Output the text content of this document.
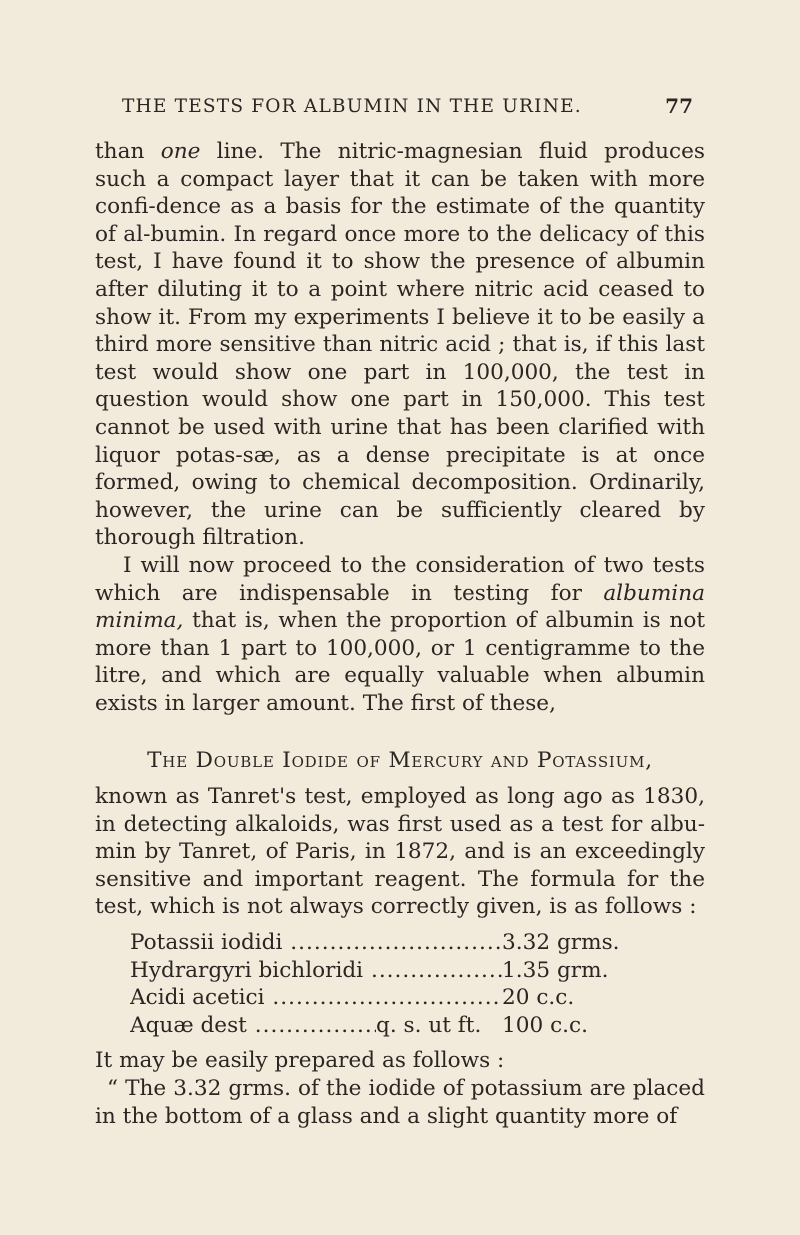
THE TESTS FOR ALBUMIN IN THE URINE.	77

than one line. The nitric-magnesian fluid produces such a compact layer that it can be taken with more confi-dence as a basis for the estimate of the quantity of al-bumin. In regard once more to the delicacy of this test, I have found it to show the presence of albumin after diluting it to a point where nitric acid ceased to show it. From my experiments I believe it to be easily a third more sensitive than nitric acid ; that is, if this last test would show one part in 100,000, the test in question would show one part in 150,000. This test cannot be used with urine that has been clarified with liquor potas-sæ, as a dense precipitate is at once formed, owing to chemical decomposition. Ordinarily, however, the urine can be sufficiently cleared by thorough filtration.

I will now proceed to the consideration of two tests which are indispensable in testing for albumina minima, that is, when the proportion of albumin is not more than 1 part to 100,000, or 1 centigramme to the litre, and which are equally valuable when albumin exists in larger amount. The first of these,

The Double Iodide of Mercury and Potassium,

known as Tanret's test, employed as long ago as 1830, in detecting alkaloids, was first used as a test for albu-min by Tanret, of Paris, in 1872, and is an exceedingly sensitive and important reagent. The formula for the test, which is not always correctly given, is as follows :

Potassii iodidi .....	3.32 grms.
Hydrargyri bichloridi .....	1.35 grm.
Acidi acetici .....	20 c.c.
Aquæ dest .....	q. s. ut ft. 100 c.c.

It may be easily prepared as follows :

“ The 3.32 grms. of the iodide of potassium are placed in the bottom of a glass and a slight quantity more of
